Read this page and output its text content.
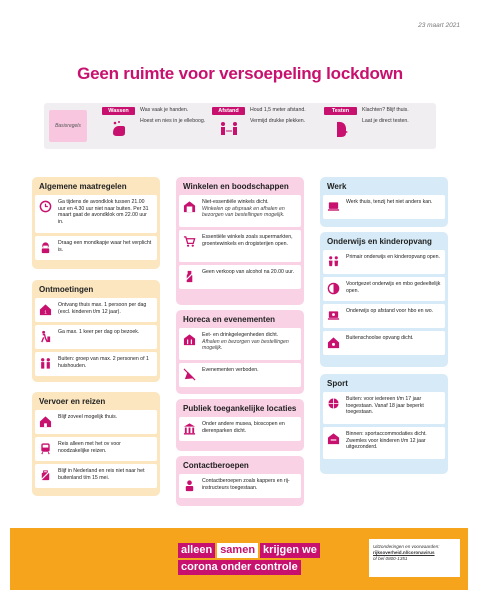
23 maart 2021
Geen ruimte voor versoepeling lockdown
Basisregels
Wassen	Was vaak je handen.

Hoest en nies in je elleboog.

Afstand	Houd 1,5 meter afstand.

Vermijd drukke plekken.

Testen	Klachten? Blijf thuis.

Laat je direct testen.

Algemene maatregelen
Ga tijdens de avondklok tussen 21.00 uur en 4.30 uur niet naar buiten. Per 31 maart gaat de avondklok om 22.00 uur in.
Draag een mondkapje waar het verplicht is.
Ontmoetingen
1
Ontvang thuis max. 1 persoon per dag (excl. kinderen t/m 12 jaar).
Ga max. 1 keer per dag op bezoek.
Buiten: groep van max. 2 personen of 1 huishouden.
Vervoer en reizen
Blijf zoveel mogelijk thuis.
Reis alleen met het ov voor noodzakelijke reizen.
Blijf in Nederland en reis niet naar het buitenland t/m 15 mei.
Winkelen en boodschappen
Niet-essentiële winkels dicht.
Winkelen op afspraak en afhalen en bezorgen van bestellingen mogelijk.
Essentiële winkels zoals supermarkten, groentewinkels en drogisterijen open.
Geen verkoop van alcohol na 20.00 uur.
Horeca en evenementen
Eet- en drinkgelegenheden dicht.
Afhalen en bezorgen van bestellingen mogelijk.
Evenementen verboden.
Publiek toegankelijke locaties
Onder andere musea, bioscopen en dierenparken dicht.
Contactberoepen
Contactberoepen zoals kappers en rij-instructeurs toegestaan.
Werk
Werk thuis, tenzij het niet anders kan.
Onderwijs en kinderopvang
Primair onderwijs en kinderopvang open.
Voortgezet onderwijs en mbo gedeeltelijk open.
Onderwijs op afstand voor hbo en wo.
Buitenschoolse opvang dicht.
Sport
Buiten: voor iedereen t/m 17 jaar toegestaan. Vanaf 18 jaar beperkt toegestaan.
Binnen: sportaccommodaties dicht. Zwemles voor kinderen t/m 12 jaar uitgezonderd.
alleen samen krijgen we
corona onder controle
Uitzonderingen en voorwaarden:
rijksoverheid.nl/coronavirus
of bel 0800-1351
